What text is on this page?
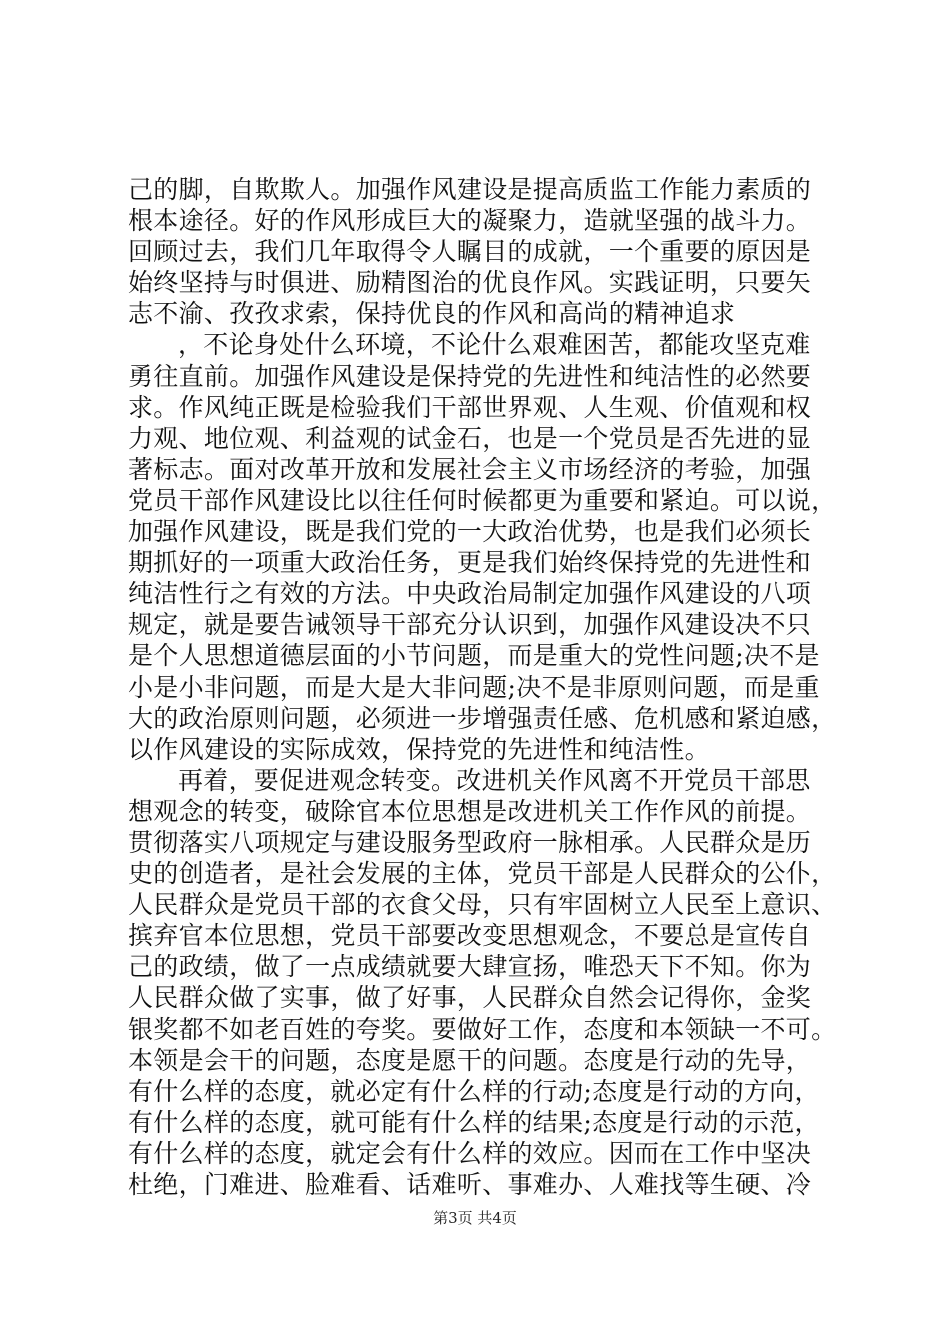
己的脚，自欺欺人。加强作风建设是提高质监工作能力素质的
根本途径。好的作风形成巨大的凝聚力，造就坚强的战斗力。
回顾过去，我们几年取得令人瞩目的成就，一个重要的原因是
始终坚持与时俱进、励精图治的优良作风。实践证明，只要矢
志不渝、孜孜求索，保持优良的作风和高尚的精神追求
，不论身处什么环境，不论什么艰难困苦，都能攻坚克难
勇往直前。加强作风建设是保持党的先进性和纯洁性的必然要
求。作风纯正既是检验我们干部世界观、人生观、价值观和权
力观、地位观、利益观的试金石，也是一个党员是否先进的显
著标志。面对改革开放和发展社会主义市场经济的考验，加强
党员干部作风建设比以往任何时候都更为重要和紧迫。可以说，
加强作风建设，既是我们党的一大政治优势，也是我们必须长
期抓好的一项重大政治任务，更是我们始终保持党的先进性和
纯洁性行之有效的方法。中央政治局制定加强作风建设的八项
规定，就是要告诫领导干部充分认识到，加强作风建设决不只
是个人思想道德层面的小节问题，而是重大的党性问题;决不是
小是小非问题，而是大是大非问题;决不是非原则问题，而是重
大的政治原则问题，必须进一步增强责任感、危机感和紧迫感，
以作风建设的实际成效，保持党的先进性和纯洁性。
再着，要促进观念转变。改进机关作风离不开党员干部思
想观念的转变，破除官本位思想是改进机关工作作风的前提。
贯彻落实八项规定与建设服务型政府一脉相承。人民群众是历
史的创造者，是社会发展的主体，党员干部是人民群众的公仆，
人民群众是党员干部的衣食父母，只有牢固树立人民至上意识、
摈弃官本位思想，党员干部要改变思想观念，不要总是宣传自
己的政绩，做了一点成绩就要大肆宣扬，唯恐天下不知。你为
人民群众做了实事，做了好事，人民群众自然会记得你，金奖
银奖都不如老百姓的夸奖。要做好工作，态度和本领缺一不可。
本领是会干的问题，态度是愿干的问题。态度是行动的先导，
有什么样的态度，就必定有什么样的行动;态度是行动的方向，
有什么样的态度，就可能有什么样的结果;态度是行动的示范，
有什么样的态度，就定会有什么样的效应。因而在工作中坚决
杜绝，门难进、脸难看、话难听、事难办、人难找等生硬、冷
第3页 共4页
